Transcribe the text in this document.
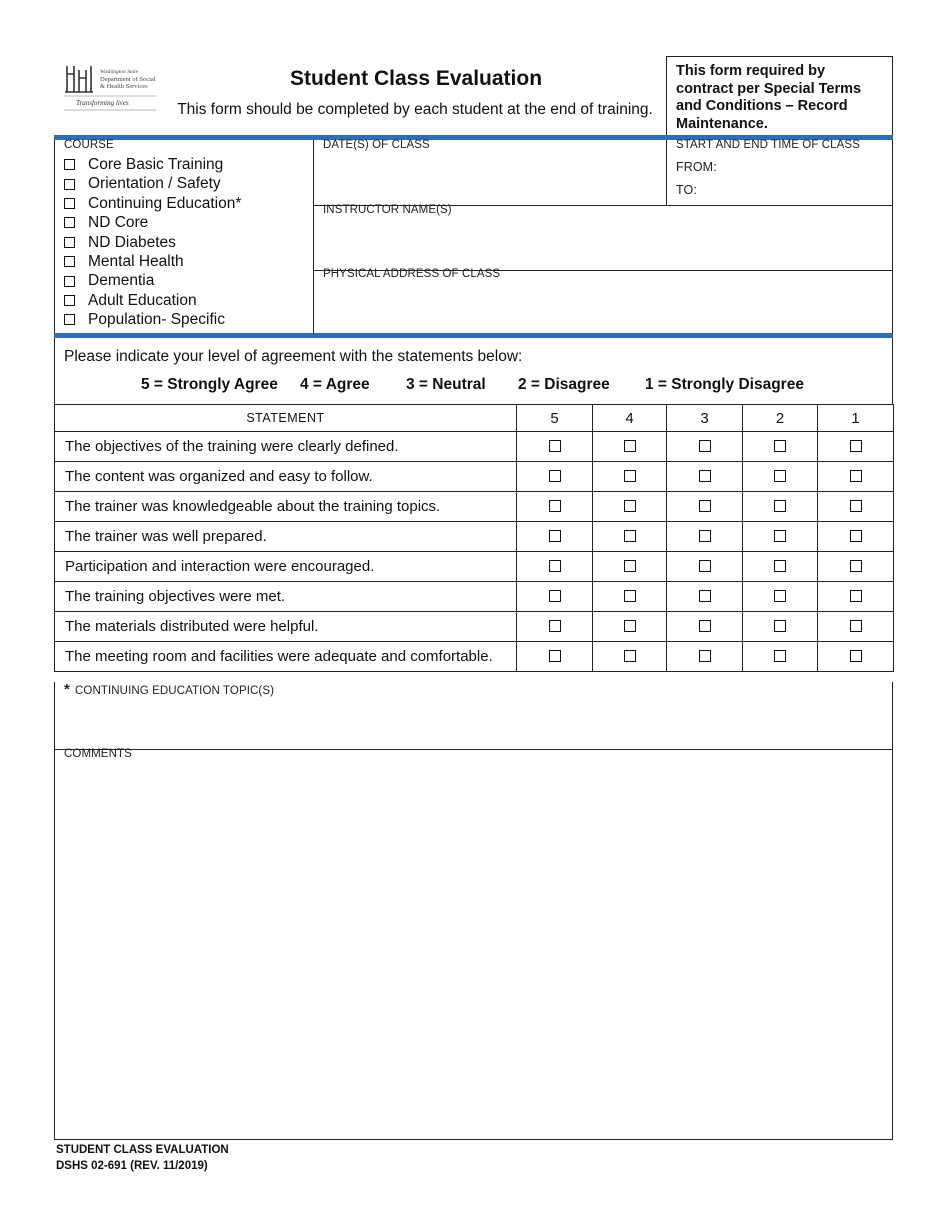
Washington State
Department of Social
& Health Services
Transforming lives
Student Class Evaluation
This form should be completed by each student at the end of training.
This form required by contract per Special Terms and Conditions – Record Maintenance.
COURSE	DATE(S) OF CLASS	START AND END TIME OF CLASS
FROM:
TO:
INSTRUCTOR NAME(S)
PHYSICAL ADDRESS OF CLASS
Core Basic Training
Orientation / Safety
Continuing Education*
ND Core
ND Diabetes
Mental Health
Dementia
Adult Education
Population- Specific
Please indicate your level of agreement with the statements below:
5 = Strongly Agree 4 = Agree 3 = Neutral 2 = Disagree 1 = Strongly Disagree
STATEMENT	5	4	3	2	1
The objectives of the training were clearly defined.					
The content was organized and easy to follow.					
The trainer was knowledgeable about the training topics.					
The trainer was well prepared.					
Participation and interaction were encouraged.					
The training objectives were met.					
The materials distributed were helpful.					
The meeting room and facilities were adequate and comfortable.					
* CONTINUING EDUCATION TOPIC(S)
COMMENTS
STUDENT CLASS EVALUATION
DSHS 02-691 (REV. 11/2019)
